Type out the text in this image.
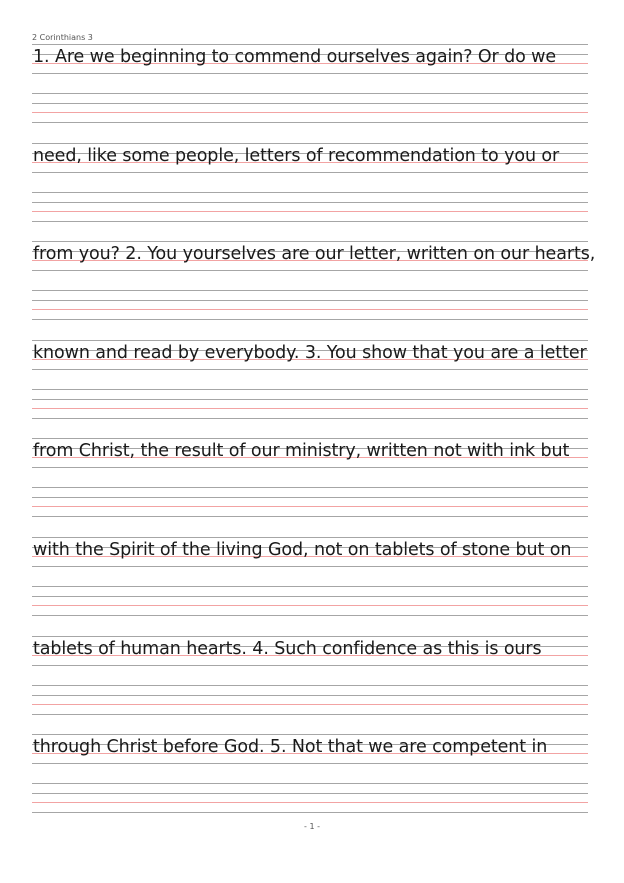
2 Corinthians 3
1. Are we beginning to commend ourselves again? Or do we
need, like some people, letters of recommendation to you or
from you? 2. You yourselves are our letter, written on our hearts,
known and read by everybody. 3. You show that you are a letter
from Christ, the result of our ministry, written not with ink but
with the Spirit of the living God, not on tablets of stone but on
tablets of human hearts. 4. Such confidence as this is ours
through Christ before God. 5. Not that we are competent in
- 1 -
